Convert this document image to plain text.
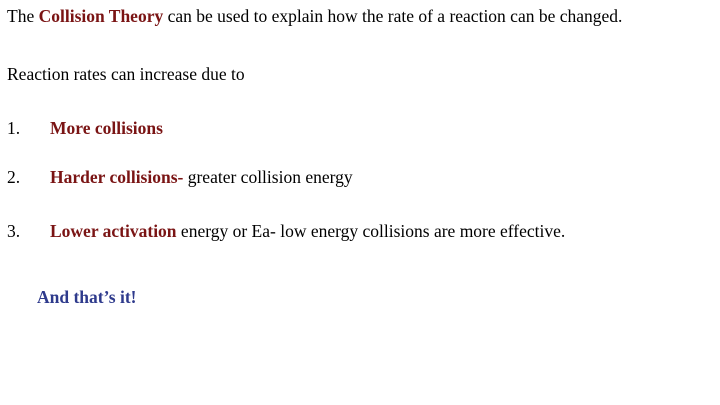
The Collision Theory can be used to explain how the rate of a reaction can be changed.

Reaction rates can increase due to

1. More collisions
2. Harder collisions- greater collision energy
3. Lower activation energy or Ea- low energy collisions are more effective.

And that’s it!
